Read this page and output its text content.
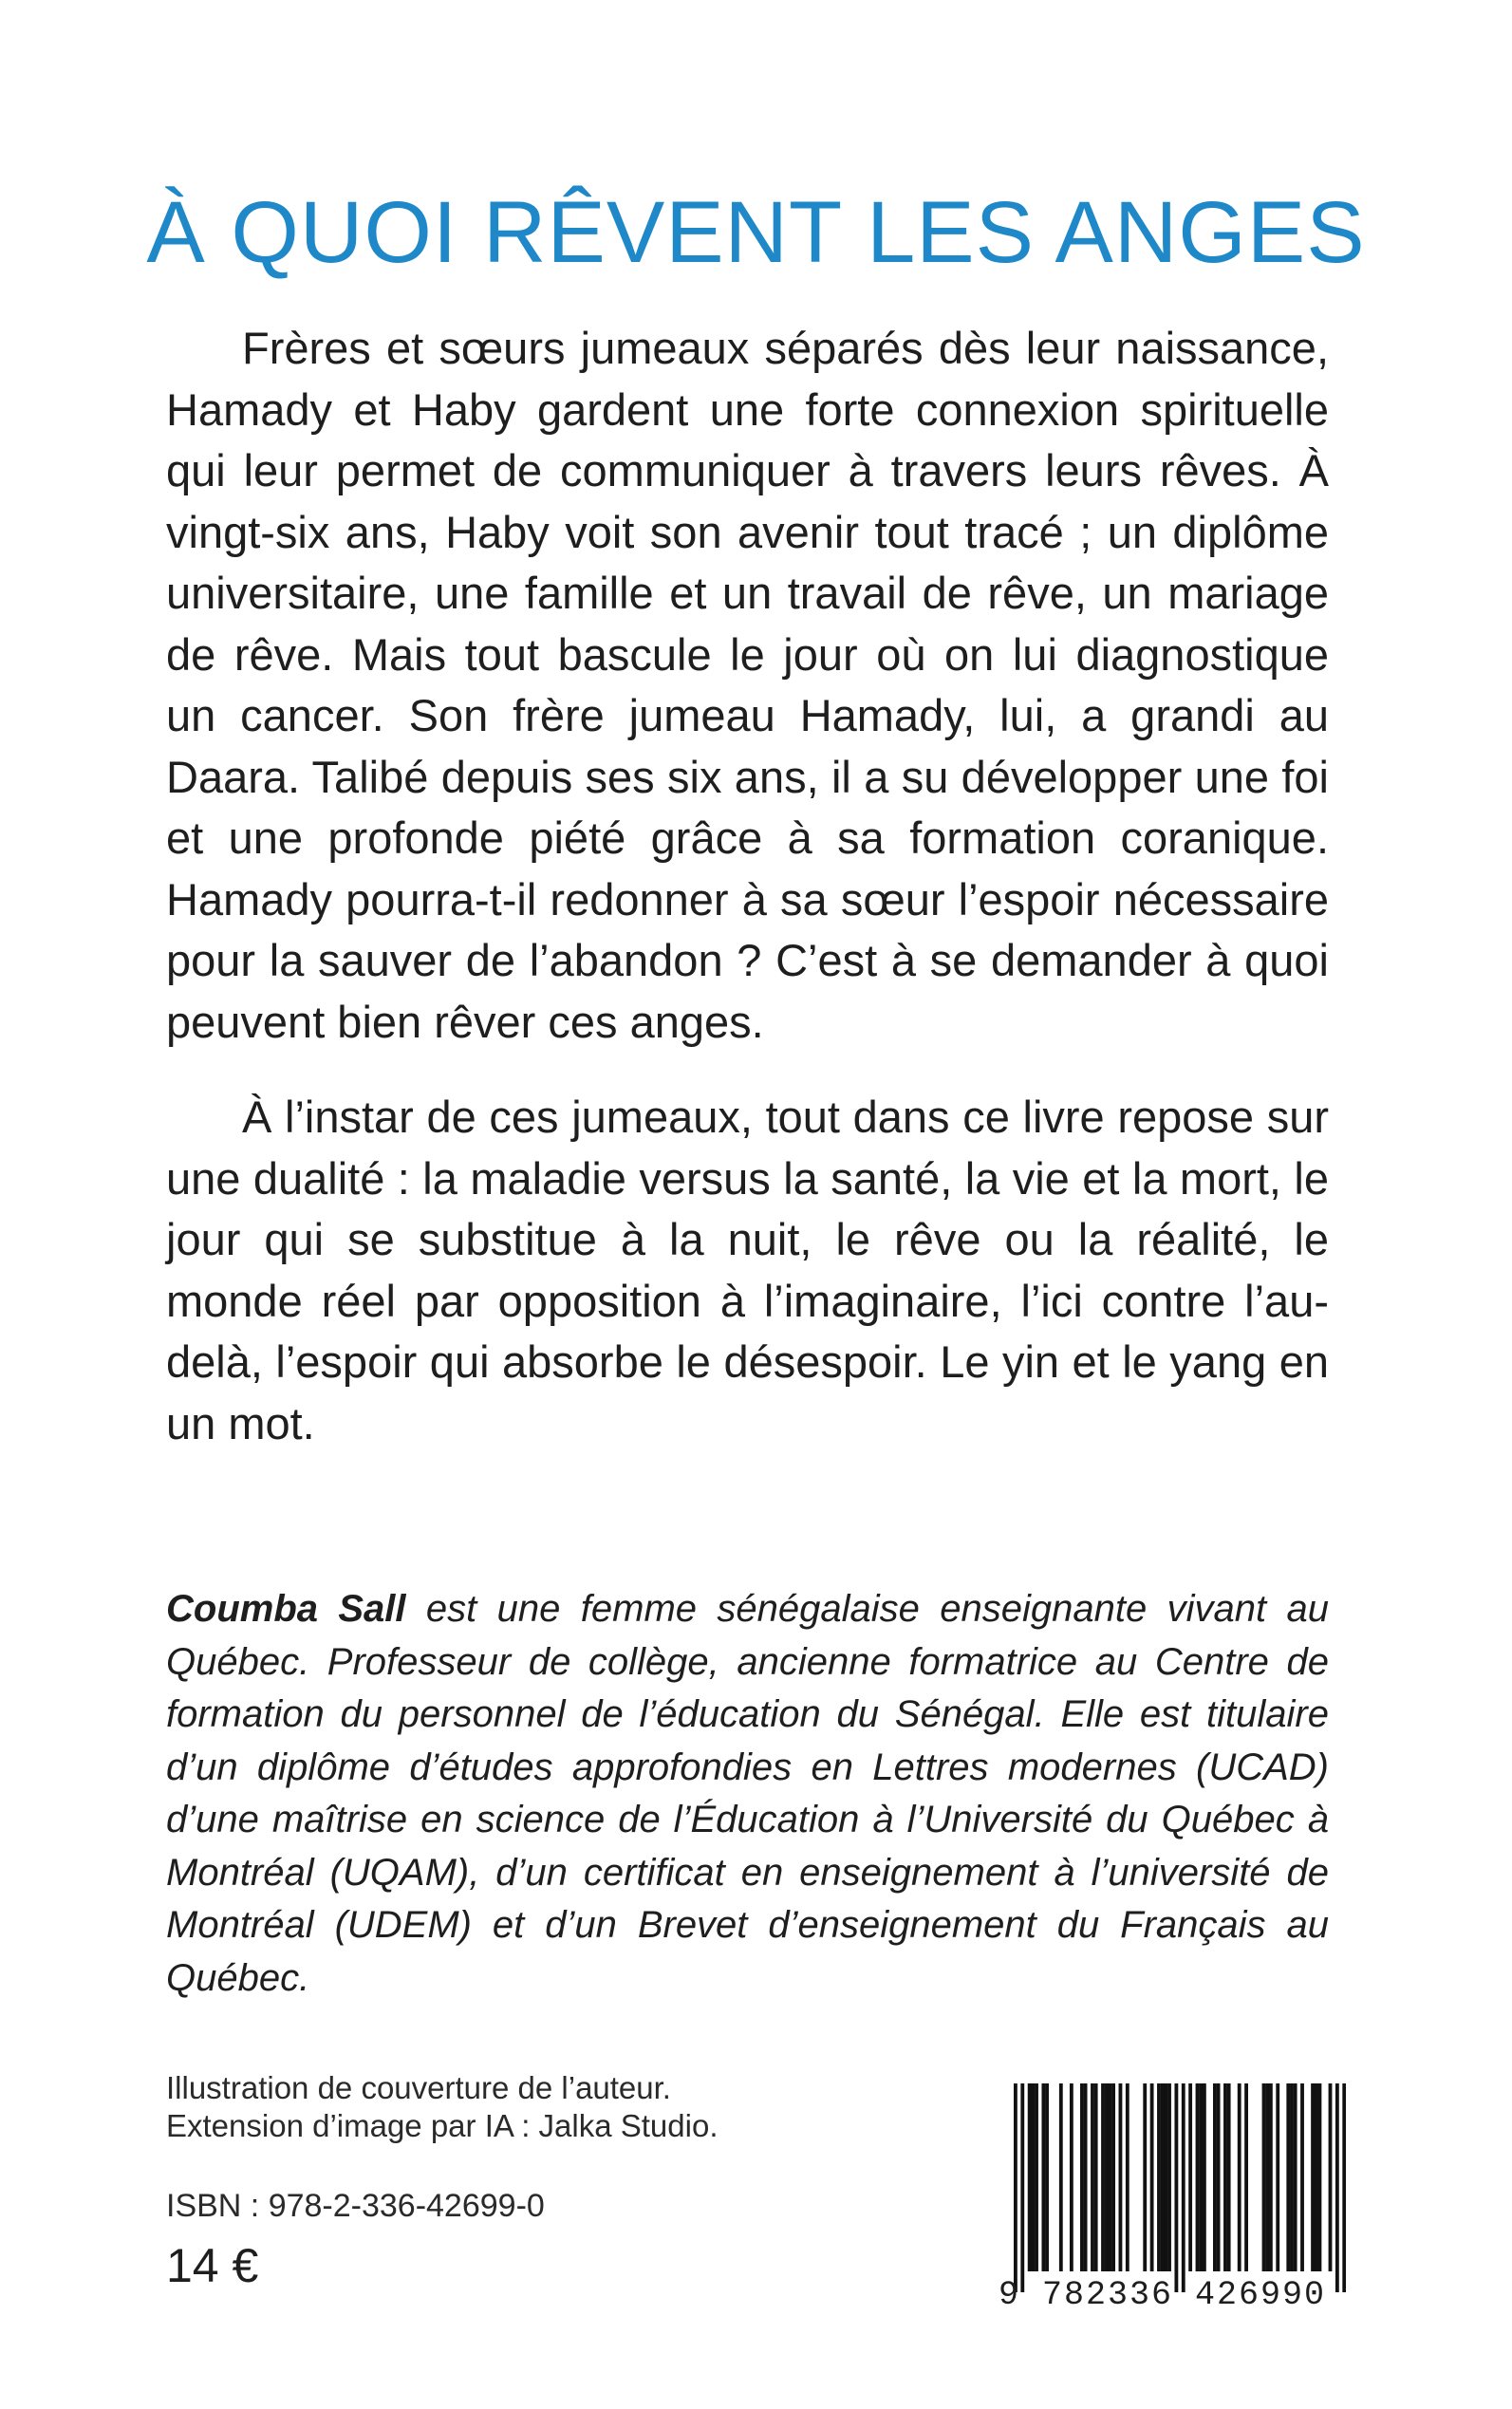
À QUOI RÊVENT LES ANGES

Frères et sœurs jumeaux séparés dès leur naissance, Hamady et Haby gardent une forte connexion spirituelle qui leur permet de communiquer à travers leurs rêves. À vingt-six ans, Haby voit son avenir tout tracé ; un diplôme universitaire, une famille et un travail de rêve, un mariage de rêve. Mais tout bascule le jour où on lui diagnostique un cancer. Son frère jumeau Hamady, lui, a grandi au Daara. Talibé depuis ses six ans, il a su développer une foi et une profonde piété grâce à sa formation coranique. Hamady pourra-t-il redonner à sa sœur l’espoir nécessaire pour la sauver de l’abandon ? C’est à se demander à quoi peuvent bien rêver ces anges.

À l’instar de ces jumeaux, tout dans ce livre repose sur une dualité : la maladie versus la santé, la vie et la mort, le jour qui se substitue à la nuit, le rêve ou la réalité, le monde réel par opposition à l’imaginaire, l’ici contre l’au-delà, l’espoir qui absorbe le désespoir. Le yin et le yang en un mot.

Coumba Sall est une femme sénégalaise enseignante vivant au Québec. Professeur de collège, ancienne formatrice au Centre de formation du personnel de l’éducation du Sénégal. Elle est titulaire d’un diplôme d’études approfondies en Lettres modernes (UCAD) d’une maîtrise en science de l’Éducation à l’Université du Québec à Montréal (UQAM), d’un certificat en enseignement à l’université de Montréal (UDEM) et d’un Brevet d’enseignement du Français au Québec.

Illustration de couverture de l’auteur.
Extension d’image par IA : Jalka Studio.
ISBN : 978-2-336-42699-0
14 €
9 782336 426990
